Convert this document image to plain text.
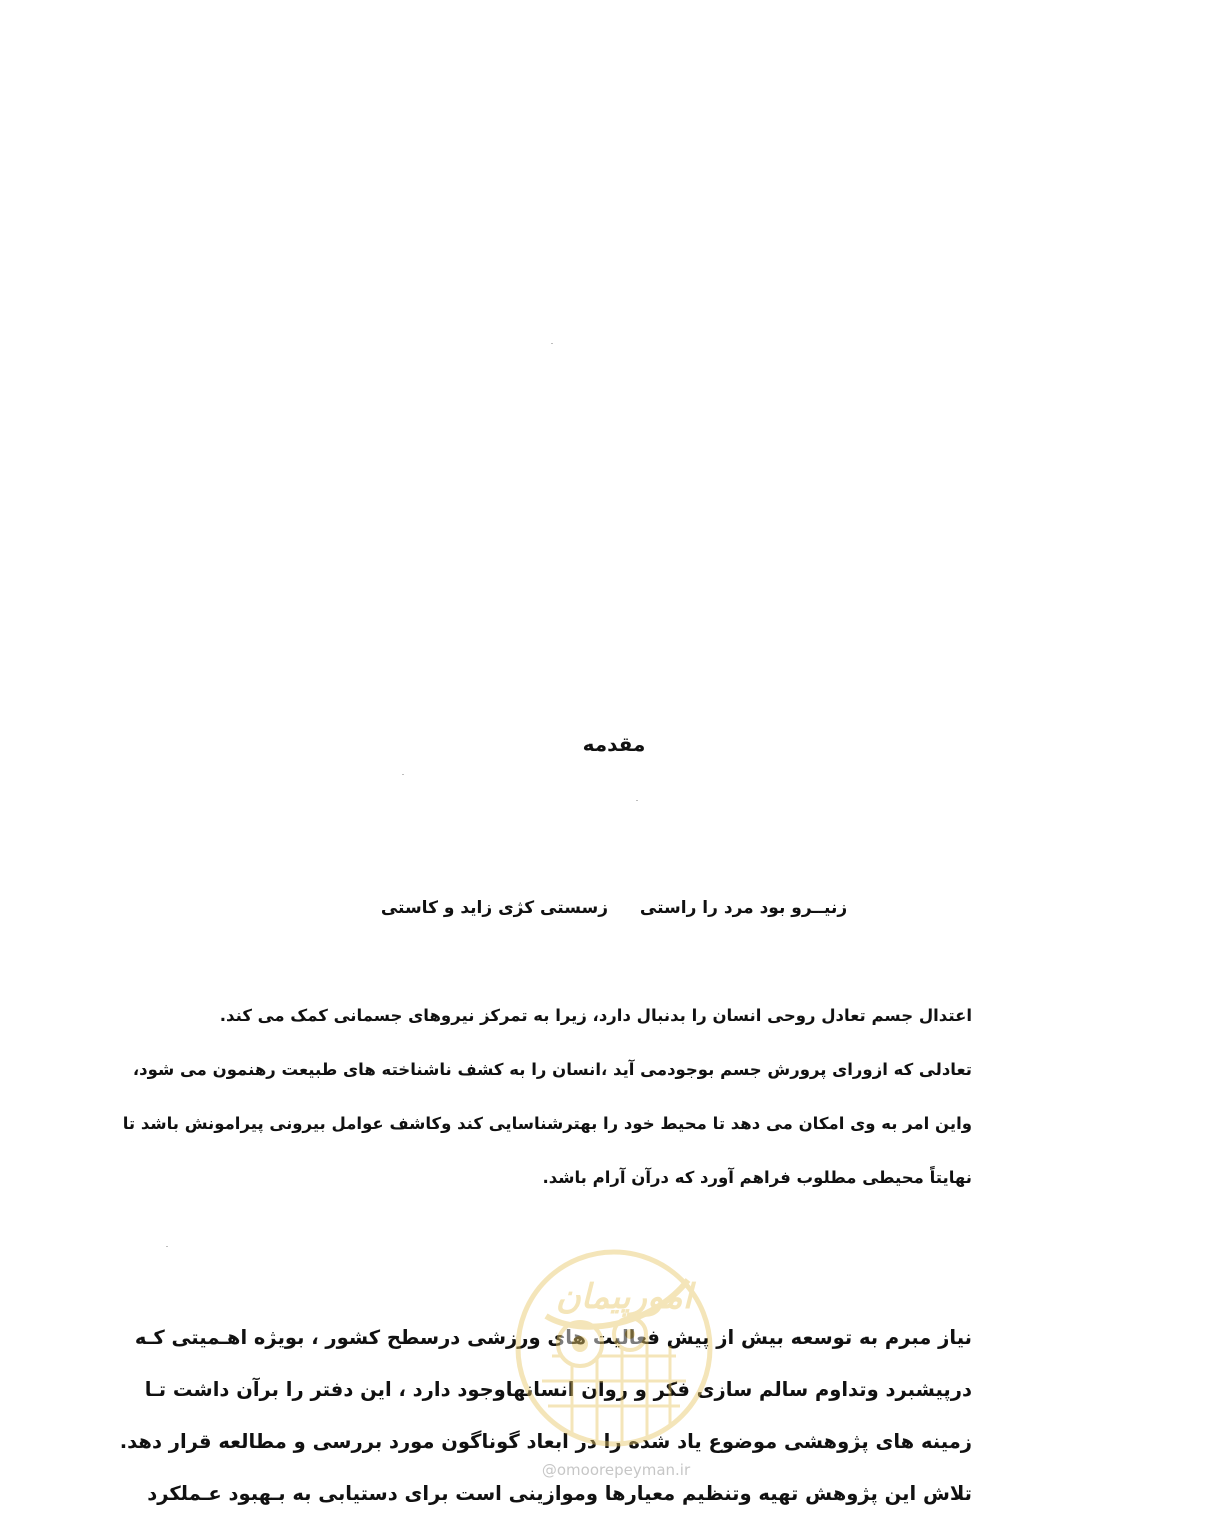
مقدمه
زنیــرو بود مرد را راستی زسستی کژی زاید و کاستی

اعتدال جسم تعادل روحی انسان را بدنبال دارد، زیرا به تمرکز نیروهای جسمانی کمک می کند.

تعادلی که ازورای پرورش جسم بوجودمی آید ،انسان را به کشف ناشناخته های طبیعت رهنمون می شود،

واین امر به وی امکان می دهد تا محیط خود را بهترشناسایی کند وکاشف عوامل بیرونی پیرامونش باشد تا

نهایتاً محیطی مطلوب فراهم آورد که درآن آرام باشد.

نیاز مبرم به توسعه بیش از پیش فعالیت های ورزشی درسطح کشور ، بویژه اهـمیتی کـه

درپیشبرد وتداوم سالم سازی فکر و روان انسانهاوجود دارد ، این دفتر را برآن داشت تـا

زمینه های پژوهشی موضوع یاد شده را در ابعاد گوناگون مورد بررسی و مطالعه قرار دهد.

تلاش این پژوهش تهیه وتنظیم معیارها وموازینی است برای دستیابی به بـهبود عـملکرد

امورپیمان
@omoorepeyman.ir
